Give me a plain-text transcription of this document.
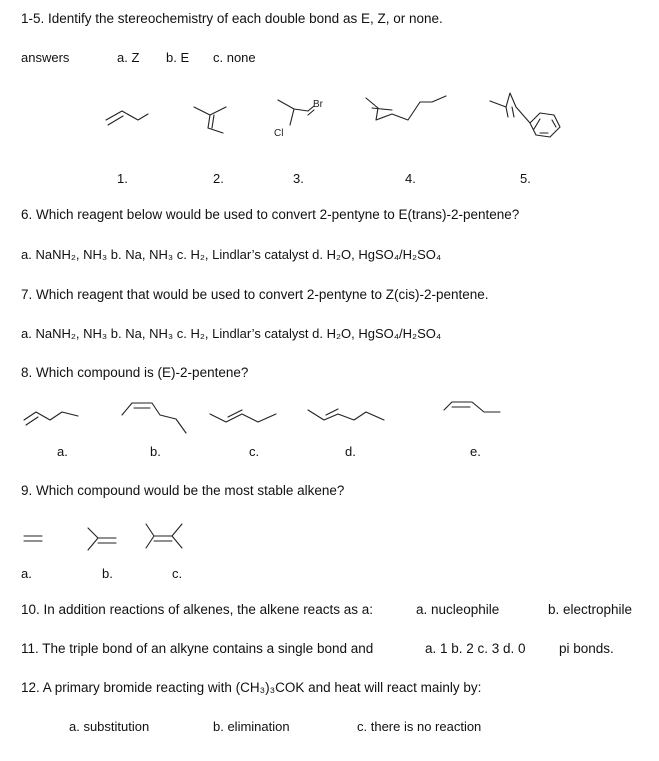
1-5. Identify the stereochemistry of each double bond as E, Z, or none.
answers	a. Z b. E c. none
Br
Cl
1.	2.	3.	4.	5.
6. Which reagent below would be used to convert 2-pentyne to E(trans)-2-pentene?
a. NaNH₂, NH₃ b. Na, NH₃ c. H₂, Lindlar’s catalyst d. H₂O, HgSO₄/H₂SO₄
7. Which reagent that would be used to convert 2-pentyne to Z(cis)-2-pentene.
a. NaNH₂, NH₃ b. Na, NH₃ c. H₂, Lindlar’s catalyst d. H₂O, HgSO₄/H₂SO₄
8. Which compound is (E)-2-pentene?
a.	b.	c.	d.	e.
9. Which compound would be the most stable alkene?
a.	b.	c.
10. In addition reactions of alkenes, the alkene reacts as a:	a. nucleophile	b. electrophile
11. The triple bond of an alkyne contains a single bond and	a. 1 b. 2 c. 3 d. 0 pi bonds.
12. A primary bromide reacting with (CH₃)₃COK and heat will react mainly by:
a. substitution	b. elimination	c. there is no reaction
